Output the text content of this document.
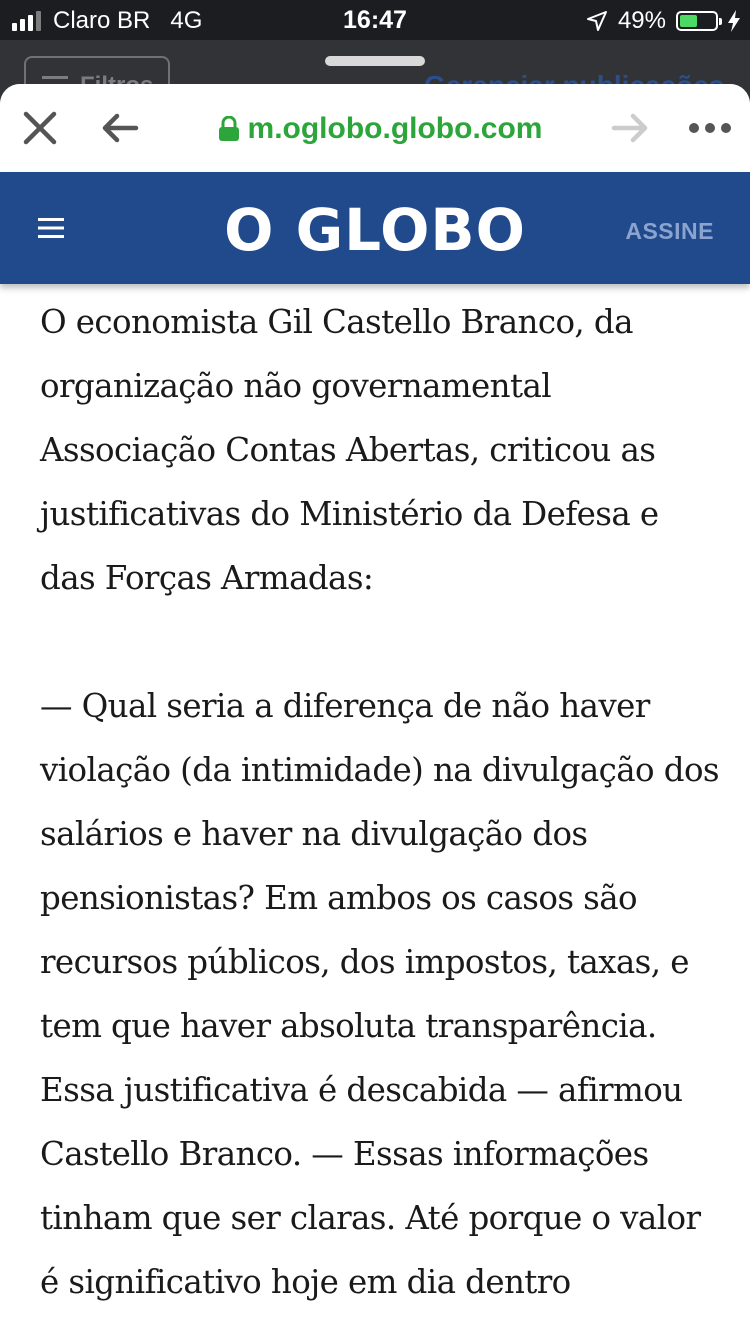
Claro BR 4G	16:47	49%
m.oglobo.globo.com
O GLOBO	ASSINE

O economista Gil Castello Branco, da organização não governamental Associação Contas Abertas, criticou as justificativas do Ministério da Defesa e das Forças Armadas:

— Qual seria a diferença de não haver violação (da intimidade) na divulgação dos salários e haver na divulgação dos pensionistas? Em ambos os casos são recursos públicos, dos impostos, taxas, e tem que haver absoluta transparência. Essa justificativa é descabida — afirmou Castello Branco. — Essas informações tinham que ser claras. Até porque o valor é significativo hoje em dia dentro
